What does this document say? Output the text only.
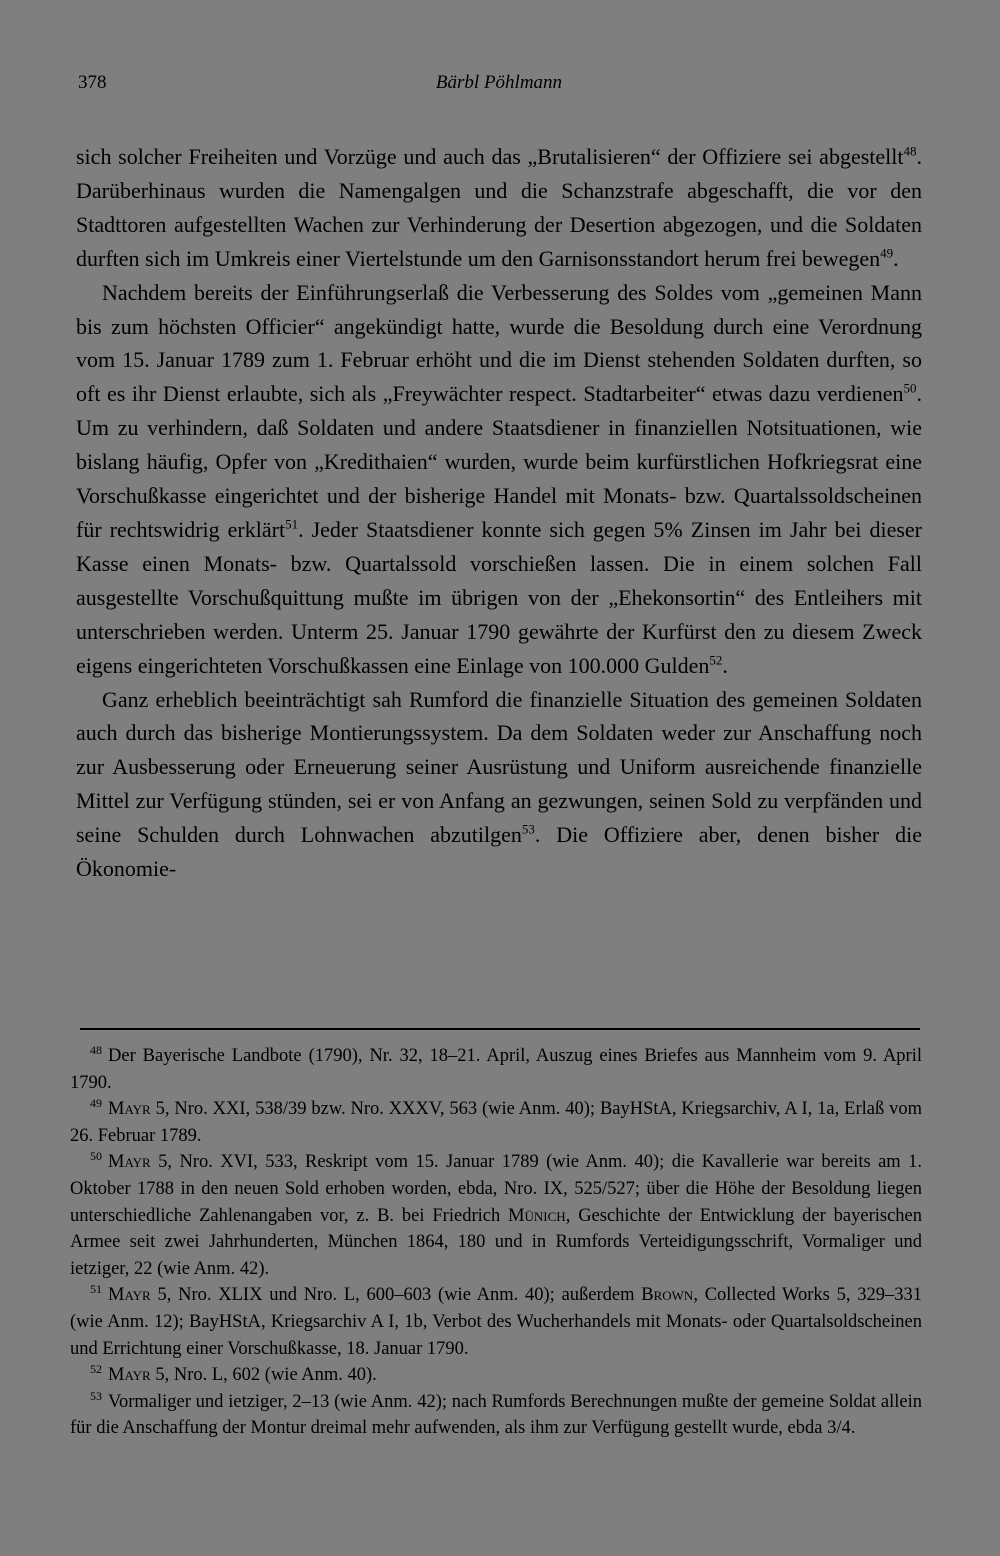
378	Bärbl Pöhlmann

sich solcher Freiheiten und Vorzüge und auch das „Brutalisieren“ der Offiziere sei abgestellt$^{48}$. Darüberhinaus wurden die Namengalgen und die Schanzstrafe abgeschafft, die vor den Stadttoren aufgestellten Wachen zur Verhinderung der Desertion abgezogen, und die Soldaten durften sich im Umkreis einer Viertelstunde um den Garnisonsstandort herum frei bewegen$^{49}$.

Nachdem bereits der Einführungserlaß die Verbesserung des Soldes vom „gemeinen Mann bis zum höchsten Officier“ angekündigt hatte, wurde die Besoldung durch eine Verordnung vom 15. Januar 1789 zum 1. Februar erhöht und die im Dienst stehenden Soldaten durften, so oft es ihr Dienst erlaubte, sich als „Freywächter respect. Stadtarbeiter“ etwas dazu verdienen$^{50}$. Um zu verhindern, daß Soldaten und andere Staatsdiener in finanziellen Notsituationen, wie bislang häufig, Opfer von „Kredithaien“ wurden, wurde beim kurfürstlichen Hofkriegsrat eine Vorschußkasse eingerichtet und der bisherige Handel mit Monats- bzw. Quartalssoldscheinen für rechtswidrig erklärt$^{51}$. Jeder Staatsdiener konnte sich gegen 5% Zinsen im Jahr bei dieser Kasse einen Monats- bzw. Quartalssold vorschießen lassen. Die in einem solchen Fall ausgestellte Vorschußquittung mußte im übrigen von der „Ehekonsortin“ des Entleihers mit unterschrieben werden. Unterm 25. Januar 1790 gewährte der Kurfürst den zu diesem Zweck eigens eingerichteten Vorschußkassen eine Einlage von 100.000 Gulden$^{52}$.

Ganz erheblich beeinträchtigt sah Rumford die finanzielle Situation des gemeinen Soldaten auch durch das bisherige Montierungssystem. Da dem Soldaten weder zur Anschaffung noch zur Ausbesserung oder Erneuerung seiner Ausrüstung und Uniform ausreichende finanzielle Mittel zur Verfügung stünden, sei er von Anfang an gezwungen, seinen Sold zu verpfänden und seine Schulden durch Lohnwachen abzutilgen$^{53}$. Die Offiziere aber, denen bisher die Ökonomie-

$^{48}$ Der Bayerische Landbote (1790), Nr. 32, 18–21. April, Auszug eines Briefes aus Mannheim vom 9. April 1790.

$^{49}$ Mayr 5, Nro. XXI, 538/39 bzw. Nro. XXXV, 563 (wie Anm. 40); BayHStA, Kriegsarchiv, A I, 1a, Erlaß vom 26. Februar 1789.

$^{50}$ Mayr 5, Nro. XVI, 533, Reskript vom 15. Januar 1789 (wie Anm. 40); die Kavallerie war bereits am 1. Oktober 1788 in den neuen Sold erhoben worden, ebda, Nro. IX, 525/527; über die Höhe der Besoldung liegen unterschiedliche Zahlenangaben vor, z. B. bei Friedrich Münich, Geschichte der Entwicklung der bayerischen Armee seit zwei Jahrhunderten, München 1864, 180 und in Rumfords Verteidigungsschrift, Vormaliger und ietziger, 22 (wie Anm. 42).

$^{51}$ Mayr 5, Nro. XLIX und Nro. L, 600–603 (wie Anm. 40); außerdem Brown, Collected Works 5, 329–331 (wie Anm. 12); BayHStA, Kriegsarchiv A I, 1b, Verbot des Wucherhandels mit Monats- oder Quartalsoldscheinen und Errichtung einer Vorschußkasse, 18. Januar 1790.

$^{52}$ Mayr 5, Nro. L, 602 (wie Anm. 40).

$^{53}$ Vormaliger und ietziger, 2–13 (wie Anm. 42); nach Rumfords Berechnungen mußte der gemeine Soldat allein für die Anschaffung der Montur dreimal mehr aufwenden, als ihm zur Verfügung gestellt wurde, ebda 3/4.
